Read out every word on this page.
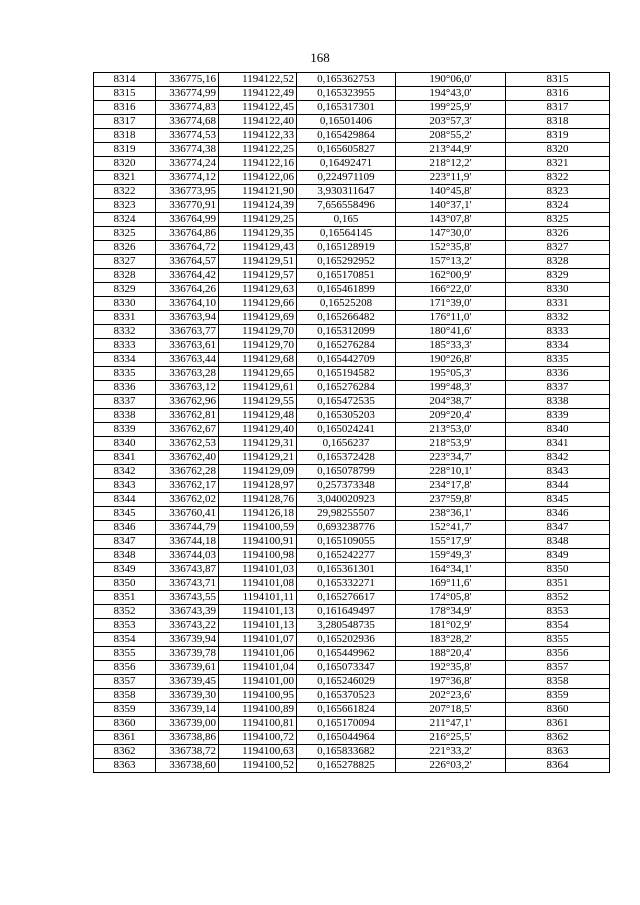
168
8314	336775,16	1194122,52	0,165362753	190°06,0'	8315
8315	336774,99	1194122,49	0,165323955	194°43,0'	8316
8316	336774,83	1194122,45	0,165317301	199°25,9'	8317
8317	336774,68	1194122,40	0,16501406	203°57,3'	8318
8318	336774,53	1194122,33	0,165429864	208°55,2'	8319
8319	336774,38	1194122,25	0,165605827	213°44,9'	8320
8320	336774,24	1194122,16	0,16492471	218°12,2'	8321
8321	336774,12	1194122,06	0,224971109	223°11,9'	8322
8322	336773,95	1194121,90	3,930311647	140°45,8'	8323
8323	336770,91	1194124,39	7,656558496	140°37,1'	8324
8324	336764,99	1194129,25	0,165	143°07,8'	8325
8325	336764,86	1194129,35	0,16564145	147°30,0'	8326
8326	336764,72	1194129,43	0,165128919	152°35,8'	8327
8327	336764,57	1194129,51	0,165292952	157°13,2'	8328
8328	336764,42	1194129,57	0,165170851	162°00,9'	8329
8329	336764,26	1194129,63	0,165461899	166°22,0'	8330
8330	336764,10	1194129,66	0,16525208	171°39,0'	8331
8331	336763,94	1194129,69	0,165266482	176°11,0'	8332
8332	336763,77	1194129,70	0,165312099	180°41,6'	8333
8333	336763,61	1194129,70	0,165276284	185°33,3'	8334
8334	336763,44	1194129,68	0,165442709	190°26,8'	8335
8335	336763,28	1194129,65	0,165194582	195°05,3'	8336
8336	336763,12	1194129,61	0,165276284	199°48,3'	8337
8337	336762,96	1194129,55	0,165472535	204°38,7'	8338
8338	336762,81	1194129,48	0,165305203	209°20,4'	8339
8339	336762,67	1194129,40	0,165024241	213°53,0'	8340
8340	336762,53	1194129,31	0,1656237	218°53,9'	8341
8341	336762,40	1194129,21	0,165372428	223°34,7'	8342
8342	336762,28	1194129,09	0,165078799	228°10,1'	8343
8343	336762,17	1194128,97	0,257373348	234°17,8'	8344
8344	336762,02	1194128,76	3,040020923	237°59,8'	8345
8345	336760,41	1194126,18	29,98255507	238°36,1'	8346
8346	336744,79	1194100,59	0,693238776	152°41,7'	8347
8347	336744,18	1194100,91	0,165109055	155°17,9'	8348
8348	336744,03	1194100,98	0,165242277	159°49,3'	8349
8349	336743,87	1194101,03	0,165361301	164°34,1'	8350
8350	336743,71	1194101,08	0,165332271	169°11,6'	8351
8351	336743,55	1194101,11	0,165276617	174°05,8'	8352
8352	336743,39	1194101,13	0,161649497	178°34,9'	8353
8353	336743,22	1194101,13	3,280548735	181°02,9'	8354
8354	336739,94	1194101,07	0,165202936	183°28,2'	8355
8355	336739,78	1194101,06	0,165449962	188°20,4'	8356
8356	336739,61	1194101,04	0,165073347	192°35,8'	8357
8357	336739,45	1194101,00	0,165246029	197°36,8'	8358
8358	336739,30	1194100,95	0,165370523	202°23,6'	8359
8359	336739,14	1194100,89	0,165661824	207°18,5'	8360
8360	336739,00	1194100,81	0,165170094	211°47,1'	8361
8361	336738,86	1194100,72	0,165044964	216°25,5'	8362
8362	336738,72	1194100,63	0,165833682	221°33,2'	8363
8363	336738,60	1194100,52	0,165278825	226°03,2'	8364
